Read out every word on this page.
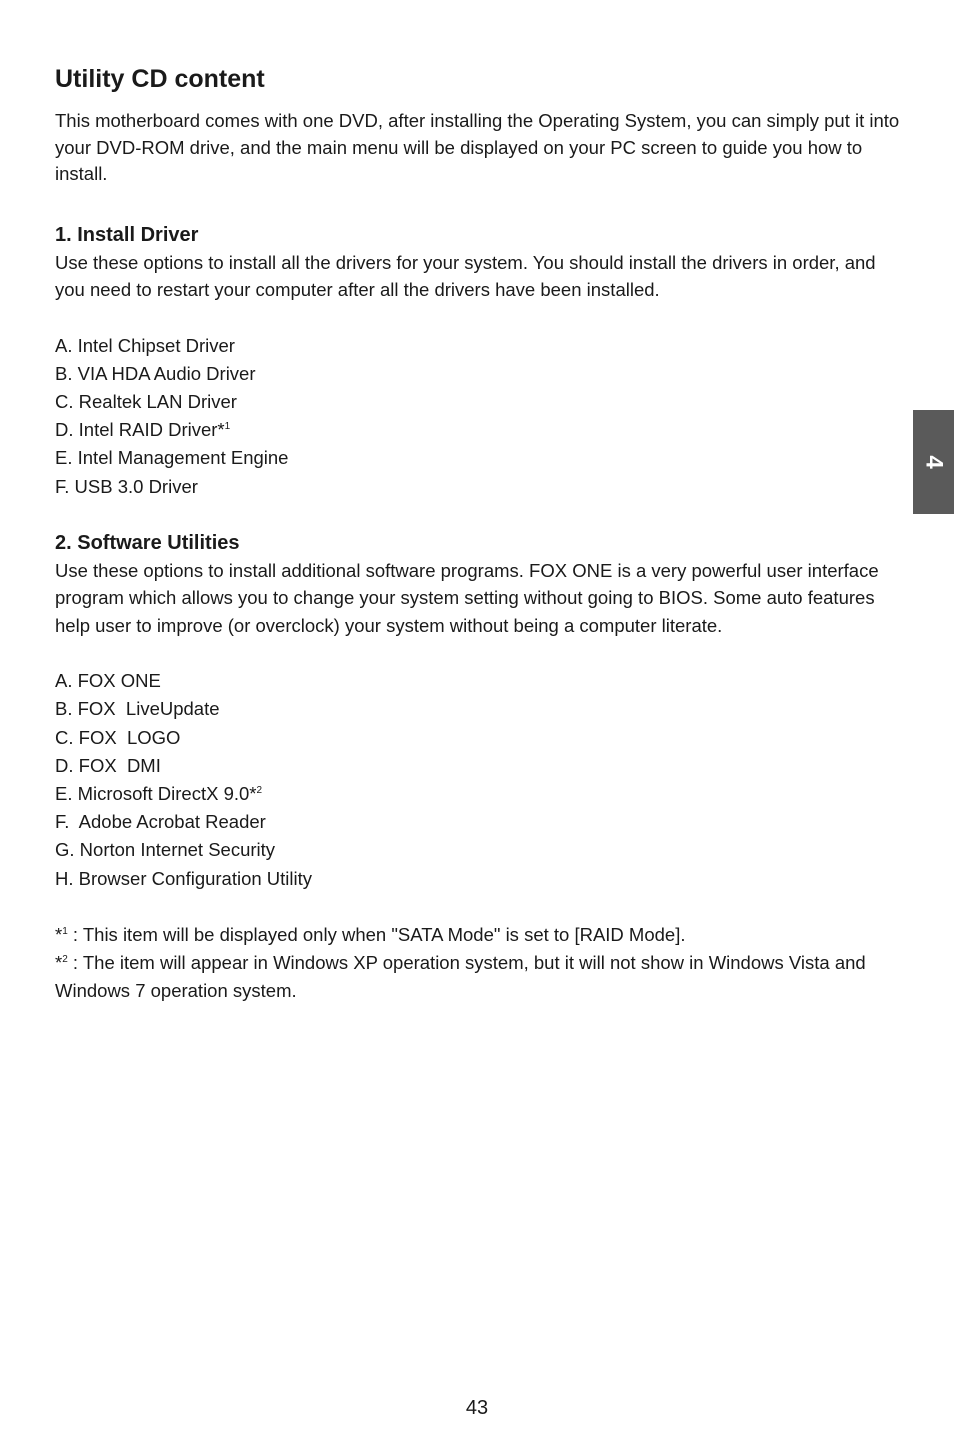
Utility CD content

This motherboard comes with one DVD, after installing the Operating System, you can simply put it into your DVD-ROM drive, and the main menu will be displayed on your PC screen to guide you how to install.

1. Install Driver

Use these options to install all the drivers for your system. You should install the drivers in order, and you need to restart your computer after all the drivers have been installed.

A. Intel Chipset Driver
B. VIA HDA Audio Driver
C. Realtek LAN Driver
D. Intel RAID Driver*$^1$
E. Intel Management Engine
F. USB 3.0 Driver
2. Software Utilities

Use these options to install additional software programs. FOX ONE is a very powerful user interface program which allows you to change your system setting without going to BIOS. Some auto features help user to improve (or overclock) your system without being a computer literate.

A. FOX ONE
B. FOX  LiveUpdate
C. FOX  LOGO
D. FOX  DMI
E. Microsoft DirectX 9.0*$^2$
F.  Adobe Acrobat Reader
G. Norton Internet Security
H. Browser Configuration Utility

*$^1$ : This item will be displayed only when "SATA Mode" is set to [RAID Mode].

*$^2$ : The item will appear in Windows XP operation system, but it will not show in Windows Vista and Windows 7 operation system.

4
43
